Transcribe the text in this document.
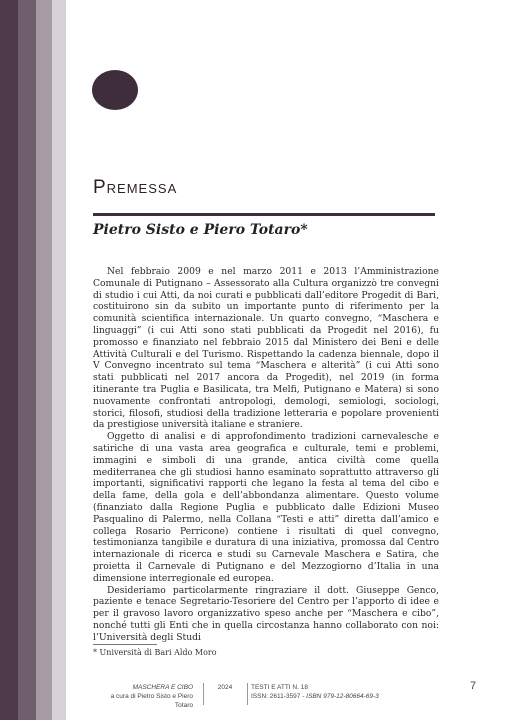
Premessa
Pietro Sisto e Piero Totaro*

Nel febbraio 2009 e nel marzo 2011 e 2013 l’Amministrazione Comunale di Putignano – Assessorato alla Cultura organizzò tre convegni di studio i cui Atti, da noi curati e pubblicati dall’editore Progedit di Bari, costituirono sin da subito un importante punto di riferimento per la comunità scientifica internazionale. Un quarto convegno, “Maschera e linguaggi” (i cui Atti sono stati pubblicati da Progedit nel 2016), fu promosso e finanziato nel febbraio 2015 dal Ministero dei Beni e delle Attività Culturali e del Turismo. Rispettando la cadenza biennale, dopo il V Convegno incentrato sul tema “Maschera e alterità” (i cui Atti sono stati pubblicati nel 2017 ancora da Progedit), nel 2019 (in forma itinerante tra Puglia e Basilicata, tra Melfi, Putignano e Matera) si sono nuovamente confrontati antropologi, demologi, semiologi, sociologi, storici, filosofi, studiosi della tradizione letteraria e popolare provenienti da prestigiose università italiane e straniere.

Oggetto di analisi e di approfondimento tradizioni carnevalesche e satiriche di una vasta area geografica e culturale, temi e problemi, immagini e simboli di una grande, antica civiltà come quella mediterranea che gli studiosi hanno esaminato soprattutto attraverso gli importanti, significativi rapporti che legano la festa al tema del cibo e della fame, della gola e dell’abbondanza alimentare. Questo volume (finanziato dalla Regione Puglia e pubblicato dalle Edizioni Museo Pasqualino di Palermo, nella Collana “Testi e atti” diretta dall’amico e collega Rosario Perricone) contiene i risultati di quel convegno, testimonianza tangibile e duratura di una iniziativa, promossa dal Centro internazionale di ricerca e studi su Carnevale Maschera e Satira, che proietta il Carnevale di Putignano e del Mezzogiorno d’Italia in una dimensione interregionale ed europea.

Desideriamo particolarmente ringraziare il dott. Giuseppe Genco, paziente e tenace Segretario-Tesoriere del Centro per l’apporto di idee e per il gravoso lavoro organizzativo speso anche per “Maschera e cibo”, nonché tutti gli Enti che in quella circostanza hanno collaborato con noi: l’Università degli Studi

* Università di Bari Aldo Moro
MASCHERA E CIBO
a cura di Pietro Sisto e Piero Totaro
2024	TESTI E ATTI N. 18
ISSN: 2611-3597 - ISBN 979-12-80664-69-3
7
